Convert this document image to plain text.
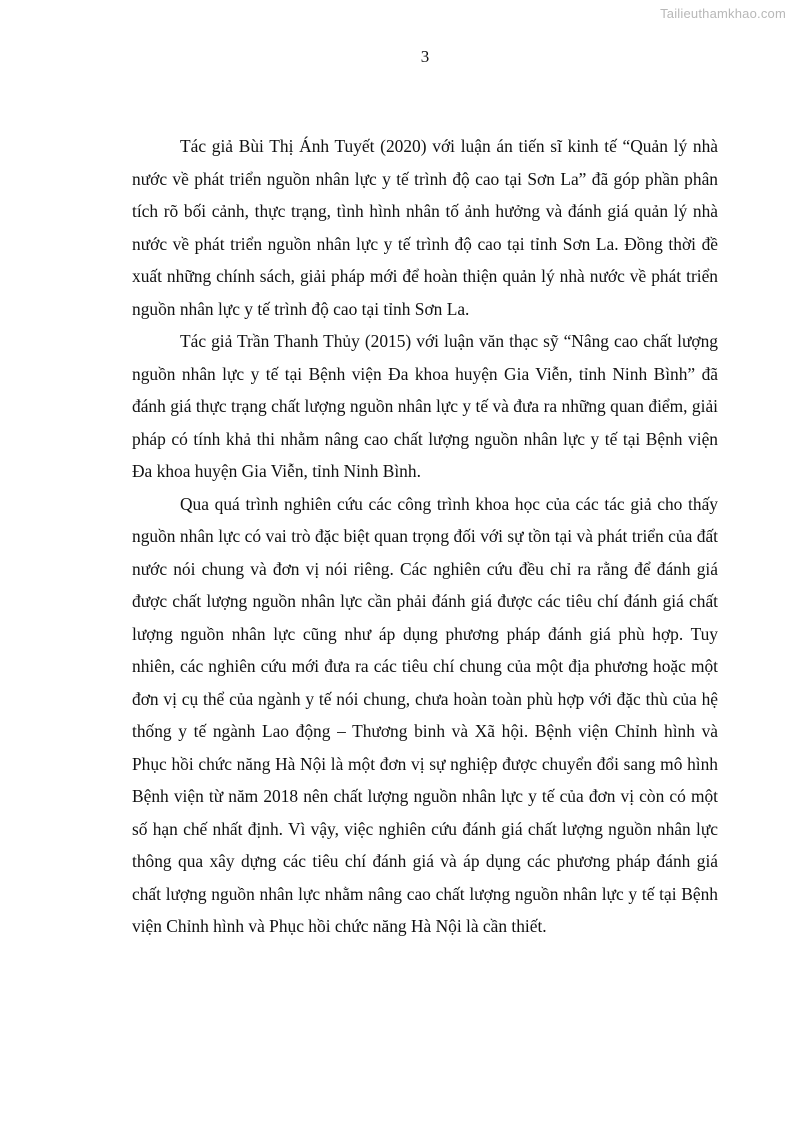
Tailieuthamkhao.com
3

Tác giả Bùi Thị Ánh Tuyết (2020) với luận án tiến sĩ kinh tế “Quản lý nhà nước về phát triển nguồn nhân lực y tế trình độ cao tại Sơn La” đã góp phần phân tích rõ bối cảnh, thực trạng, tình hình nhân tố ảnh hưởng và đánh giá quản lý nhà nước về phát triển nguồn nhân lực y tế trình độ cao tại tỉnh Sơn La. Đồng thời đề xuất những chính sách, giải pháp mới để hoàn thiện quản lý nhà nước về phát triển nguồn nhân lực y tế trình độ cao tại tỉnh Sơn La.

Tác giả Trần Thanh Thủy (2015) với luận văn thạc sỹ “Nâng cao chất lượng nguồn nhân lực y tế tại Bệnh viện Đa khoa huyện Gia Viễn, tỉnh Ninh Bình” đã đánh giá thực trạng chất lượng nguồn nhân lực y tế và đưa ra những quan điểm, giải pháp có tính khả thi nhằm nâng cao chất lượng nguồn nhân lực y tế tại Bệnh viện Đa khoa huyện Gia Viễn, tỉnh Ninh Bình.

Qua quá trình nghiên cứu các công trình khoa học của các tác giả cho thấy nguồn nhân lực có vai trò đặc biệt quan trọng đối với sự tồn tại và phát triển của đất nước nói chung và đơn vị nói riêng. Các nghiên cứu đều chỉ ra rằng để đánh giá được chất lượng nguồn nhân lực cần phải đánh giá được các tiêu chí đánh giá chất lượng nguồn nhân lực cũng như áp dụng phương pháp đánh giá phù hợp. Tuy nhiên, các nghiên cứu mới đưa ra các tiêu chí chung của một địa phương hoặc một đơn vị cụ thể của ngành y tế nói chung, chưa hoàn toàn phù hợp với đặc thù của hệ thống y tế ngành Lao động – Thương binh và Xã hội. Bệnh viện Chỉnh hình và Phục hồi chức năng Hà Nội là một đơn vị sự nghiệp được chuyển đổi sang mô hình Bệnh viện từ năm 2018 nên chất lượng nguồn nhân lực y tế của đơn vị còn có một số hạn chế nhất định. Vì vậy, việc nghiên cứu đánh giá chất lượng nguồn nhân lực thông qua xây dựng các tiêu chí đánh giá và áp dụng các phương pháp đánh giá chất lượng nguồn nhân lực nhằm nâng cao chất lượng nguồn nhân lực y tế tại Bệnh viện Chỉnh hình và Phục hồi chức năng Hà Nội là cần thiết.
